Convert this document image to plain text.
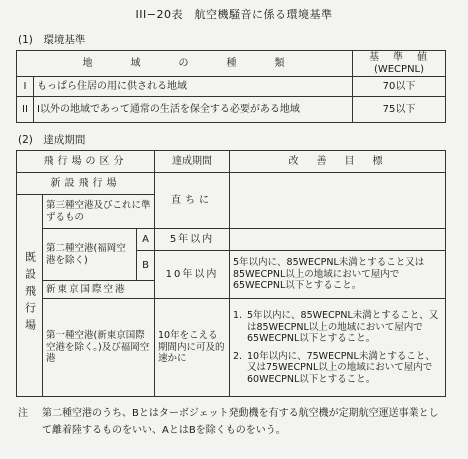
III−20表　航空機騒音に係る環境基準
(1)　環境基準
地　　　域　　　の　　　種　　　類		基　準　値
(WECPNL)

I	もっぱら住居の用に供される地域	70以下
II	I以外の地域であって通常の生活を保全する必要がある地域	75以下
(2)　達成期間
飛行場の区分			達成期間	改　善　目　標
新設飛行場			直ちに	
既設飛行場	第三種空港及びこれに準ずるもの			
	第二種空港(福岡空港を除く)	A	5年以内	
		B	10年以内	5年以内に、85WECPNL未満とすること又は85WECPNL以上の地域において屋内で65WECPNL以下とすること。
	新東京国際空港			
	第一種空港(新東京国際空港を除く。)及び福岡空港		10年をこえる期間内に可及的速かに	1. 5年以内に、85WECPNL未満とすること、又は85WECPNL以上の地域において屋内で65WECPNL以下とすること。
2. 10年以内に、75WECPNL未満とすること、又は75WECPNL以上の地域において屋内で60WECPNL以下とすること。
注	第二種空港のうち、Bとはターボジェット発動機を有する航空機が定期航空運送事業として離着陸するものをいい、AとはBを除くものをいう。
